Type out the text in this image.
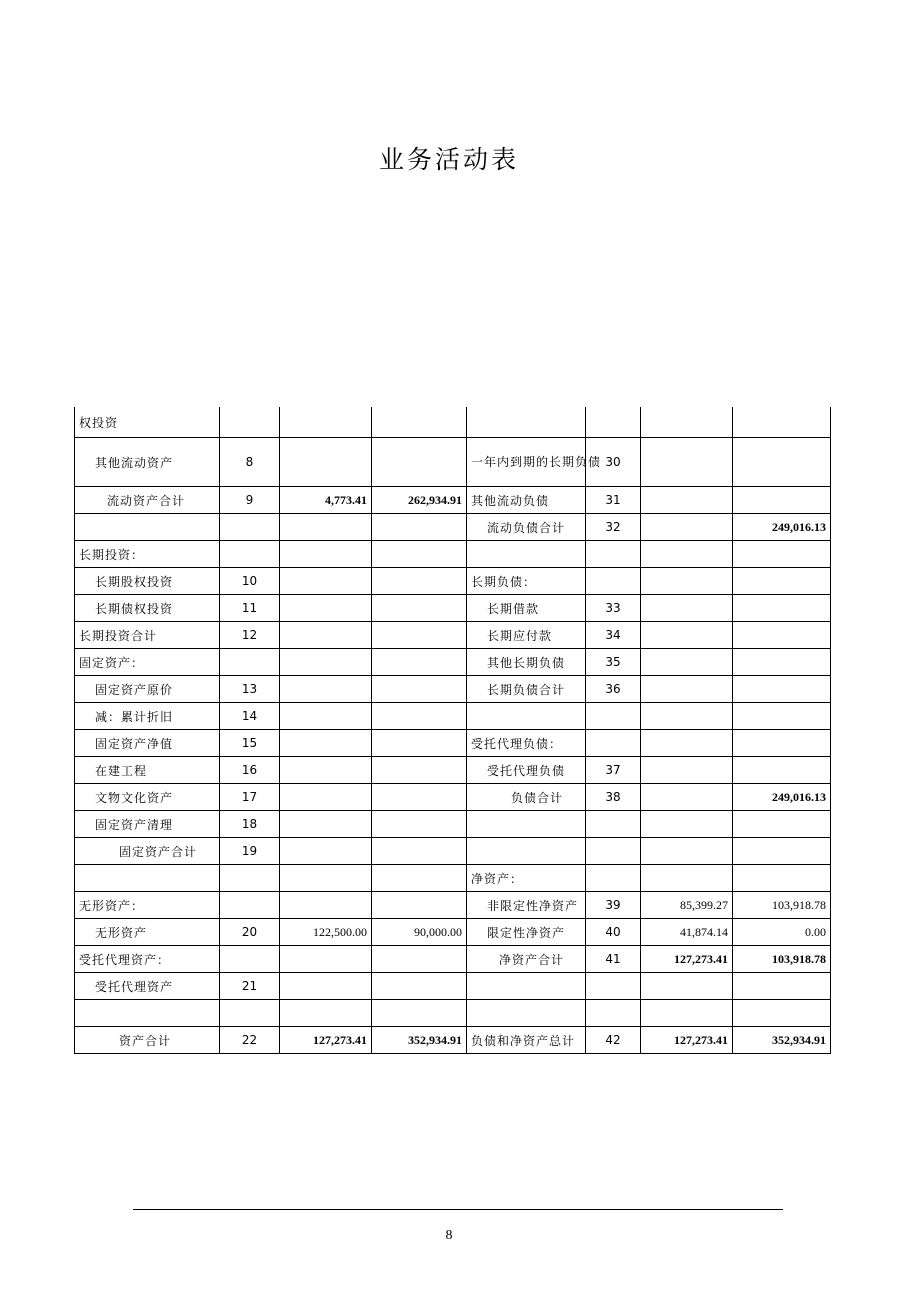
业务活动表
权投资							
其他流动资产	8			一年内到期的长期负债	30		
流动资产合计	9	4,773.41	262,934.91	其他流动负债	31		
				流动负债合计	32		249,016.13
长期投资：							
长期股权投资	10			长期负债：			
长期债权投资	11			长期借款	33		
长期投资合计	12			长期应付款	34		
固定资产：				其他长期负债	35		
固定资产原价	13			长期负债合计	36		
减：累计折旧	14						
固定资产净值	15			受托代理负债：			
在建工程	16			受托代理负债	37		
文物文化资产	17			负债合计	38		249,016.13
固定资产清理	18						
固定资产合计	19						
				净资产：			
无形资产：				非限定性净资产	39	85,399.27	103,918.78
无形资产	20	122,500.00	90,000.00	限定性净资产	40	41,874.14	0.00
受托代理资产：				净资产合计	41	127,273.41	103,918.78
受托代理资产	21						

资产合计	22	127,273.41	352,934.91	负债和净资产总计	42	127,273.41	352,934.91
8
